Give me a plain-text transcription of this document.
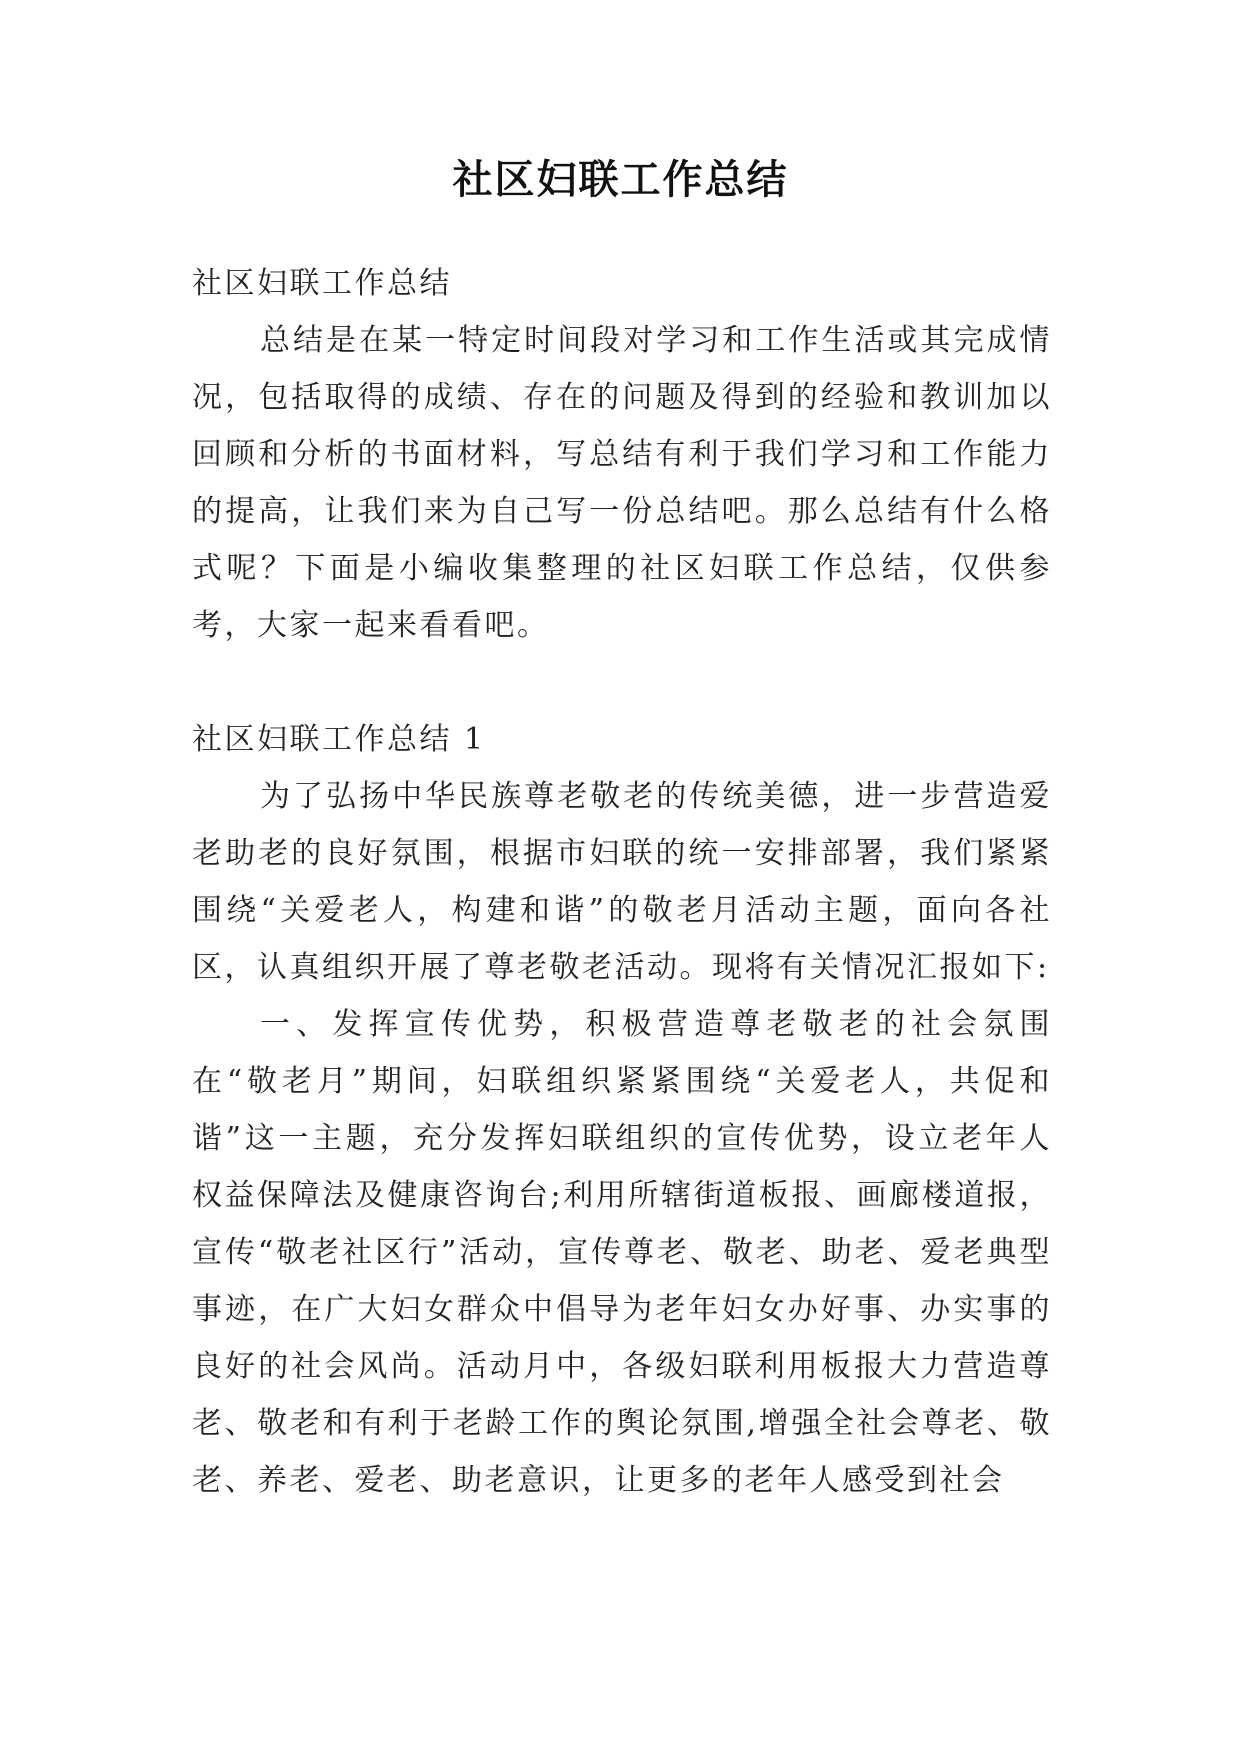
社区妇联工作总结

社区妇联工作总结

总结是在某一特定时间段对学习和工作生活或其完成情况，包括取得的成绩、存在的问题及得到的经验和教训加以回顾和分析的书面材料，写总结有利于我们学习和工作能力的提高，让我们来为自己写一份总结吧。那么总结有什么格式呢？下面是小编收集整理的社区妇联工作总结，仅供参考，大家一起来看看吧。

社区妇联工作总结 1

为了弘扬中华民族尊老敬老的传统美德，进一步营造爱老助老的良好氛围，根据市妇联的统一安排部署，我们紧紧围绕“关爱老人，构建和谐”的敬老月活动主题，面向各社区，认真组织开展了尊老敬老活动。现将有关情况汇报如下:

一、发挥宣传优势，积极营造尊老敬老的社会氛围在“敬老月”期间，妇联组织紧紧围绕“关爱老人，共促和谐”这一主题，充分发挥妇联组织的宣传优势，设立老年人权益保障法及健康咨询台;利用所辖街道板报、画廊楼道报，宣传“敬老社区行”活动，宣传尊老、敬老、助老、爱老典型事迹，在广大妇女群众中倡导为老年妇女办好事、办实事的良好的社会风尚。活动月中，各级妇联利用板报大力营造尊老、敬老和有利于老龄工作的舆论氛围,增强全社会尊老、敬老、养老、爱老、助老意识，让更多的老年人感受到社会
